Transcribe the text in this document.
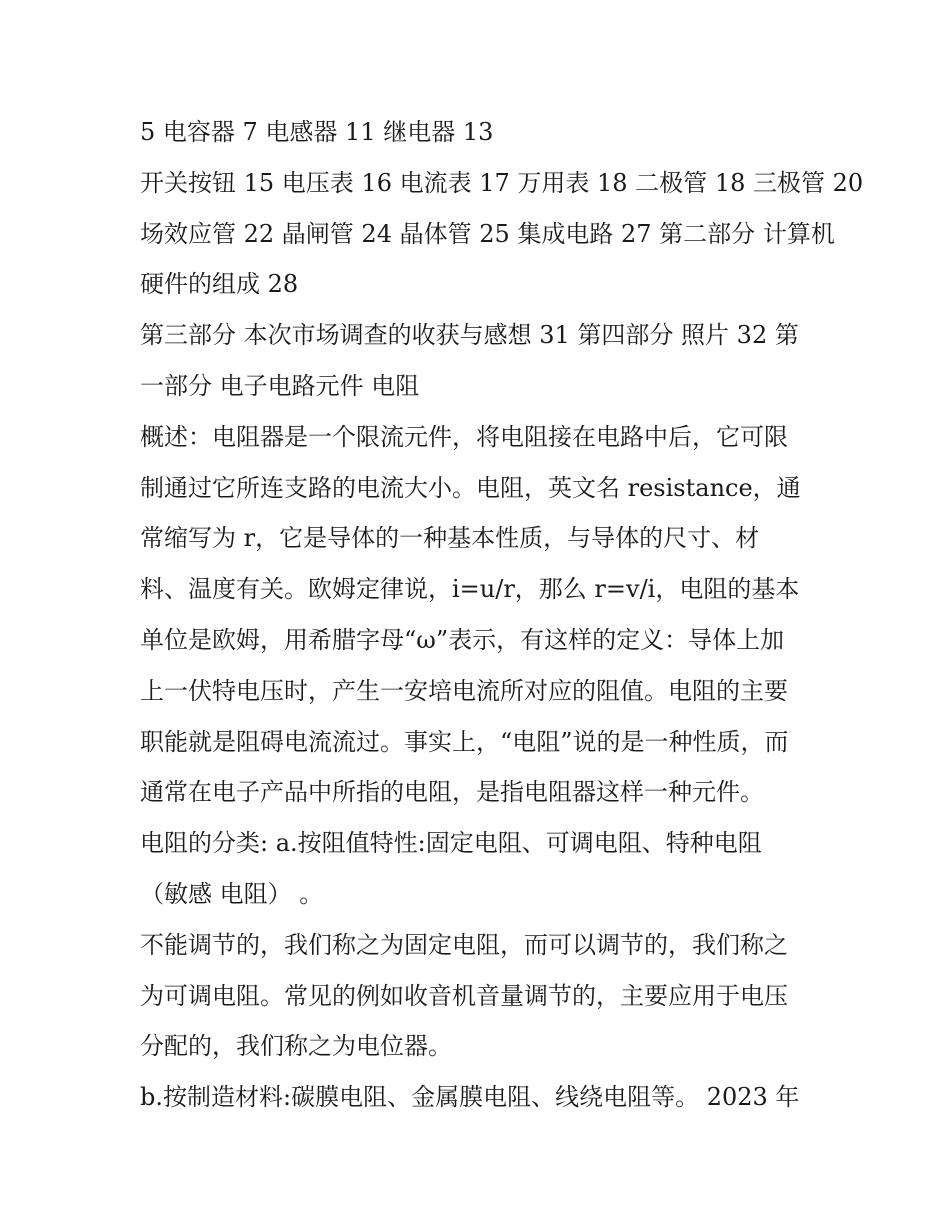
5 电容器 7 电感器 11 继电器 13
开关按钮 15 电压表 16 电流表 17 万用表 18 二极管 18 三极管 20
场效应管 22 晶闸管 24 晶体管 25 集成电路 27 第二部分 计算机
硬件的组成 28
第三部分 本次市场调查的收获与感想 31 第四部分 照片 32 第
一部分 电子电路元件 电阻
概述：电阻器是一个限流元件，将电阻接在电路中后，它可限
制通过它所连支路的电流大小。电阻，英文名 resistance，通
常缩写为 r，它是导体的一种基本性质，与导体的尺寸、材
料、温度有关。欧姆定律说，i=u/r，那么 r=v/i，电阻的基本
单位是欧姆，用希腊字母“ω”表示，有这样的定义：导体上加
上一伏特电压时，产生一安培电流所对应的阻值。电阻的主要
职能就是阻碍电流流过。事实上，“电阻”说的是一种性质，而
通常在电子产品中所指的电阻，是指电阻器这样一种元件。
电阻的分类: a.按阻值特性:固定电阻、可调电阻、特种电阻
（敏感 电阻） 。
不能调节的，我们称之为固定电阻，而可以调节的，我们称之
为可调电阻。常见的例如收音机音量调节的，主要应用于电压
分配的，我们称之为电位器。
b.按制造材料:碳膜电阻、金属膜电阻、线绕电阻等。 2023 年
